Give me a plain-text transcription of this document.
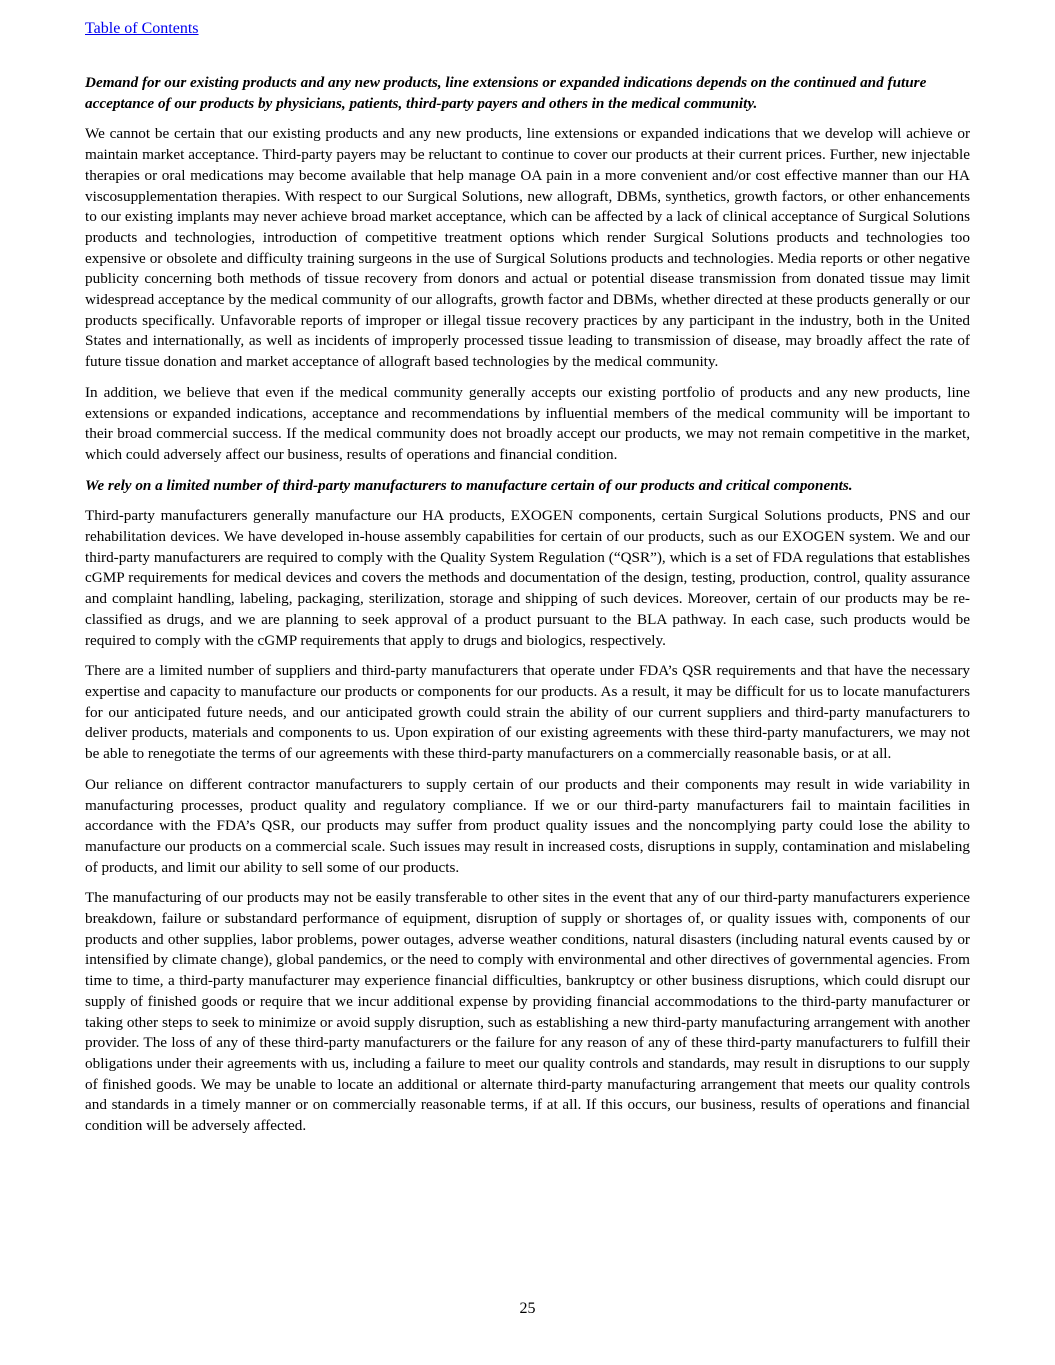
Table of Contents

Demand for our existing products and any new products, line extensions or expanded indications depends on the continued and future acceptance of our products by physicians, patients, third-party payers and others in the medical community.

We cannot be certain that our existing products and any new products, line extensions or expanded indications that we develop will achieve or maintain market acceptance. Third-party payers may be reluctant to continue to cover our products at their current prices. Further, new injectable therapies or oral medications may become available that help manage OA pain in a more convenient and/or cost effective manner than our HA viscosupplementation therapies. With respect to our Surgical Solutions, new allograft, DBMs, synthetics, growth factors, or other enhancements to our existing implants may never achieve broad market acceptance, which can be affected by a lack of clinical acceptance of Surgical Solutions products and technologies, introduction of competitive treatment options which render Surgical Solutions products and technologies too expensive or obsolete and difficulty training surgeons in the use of Surgical Solutions products and technologies. Media reports or other negative publicity concerning both methods of tissue recovery from donors and actual or potential disease transmission from donated tissue may limit widespread acceptance by the medical community of our allografts, growth factor and DBMs, whether directed at these products generally or our products specifically. Unfavorable reports of improper or illegal tissue recovery practices by any participant in the industry, both in the United States and internationally, as well as incidents of improperly processed tissue leading to transmission of disease, may broadly affect the rate of future tissue donation and market acceptance of allograft based technologies by the medical community.

In addition, we believe that even if the medical community generally accepts our existing portfolio of products and any new products, line extensions or expanded indications, acceptance and recommendations by influential members of the medical community will be important to their broad commercial success. If the medical community does not broadly accept our products, we may not remain competitive in the market, which could adversely affect our business, results of operations and financial condition.

We rely on a limited number of third-party manufacturers to manufacture certain of our products and critical components.

Third-party manufacturers generally manufacture our HA products, EXOGEN components, certain Surgical Solutions products, PNS and our rehabilitation devices. We have developed in-house assembly capabilities for certain of our products, such as our EXOGEN system. We and our third-party manufacturers are required to comply with the Quality System Regulation (“QSR”), which is a set of FDA regulations that establishes cGMP requirements for medical devices and covers the methods and documentation of the design, testing, production, control, quality assurance and complaint handling, labeling, packaging, sterilization, storage and shipping of such devices. Moreover, certain of our products may be re-classified as drugs, and we are planning to seek approval of a product pursuant to the BLA pathway. In each case, such products would be required to comply with the cGMP requirements that apply to drugs and biologics, respectively.

There are a limited number of suppliers and third-party manufacturers that operate under FDA’s QSR requirements and that have the necessary expertise and capacity to manufacture our products or components for our products. As a result, it may be difficult for us to locate manufacturers for our anticipated future needs, and our anticipated growth could strain the ability of our current suppliers and third-party manufacturers to deliver products, materials and components to us. Upon expiration of our existing agreements with these third-party manufacturers, we may not be able to renegotiate the terms of our agreements with these third-party manufacturers on a commercially reasonable basis, or at all.

Our reliance on different contractor manufacturers to supply certain of our products and their components may result in wide variability in manufacturing processes, product quality and regulatory compliance. If we or our third-party manufacturers fail to maintain facilities in accordance with the FDA’s QSR, our products may suffer from product quality issues and the noncomplying party could lose the ability to manufacture our products on a commercial scale. Such issues may result in increased costs, disruptions in supply, contamination and mislabeling of products, and limit our ability to sell some of our products.

The manufacturing of our products may not be easily transferable to other sites in the event that any of our third-party manufacturers experience breakdown, failure or substandard performance of equipment, disruption of supply or shortages of, or quality issues with, components of our products and other supplies, labor problems, power outages, adverse weather conditions, natural disasters (including natural events caused by or intensified by climate change), global pandemics, or the need to comply with environmental and other directives of governmental agencies. From time to time, a third-party manufacturer may experience financial difficulties, bankruptcy or other business disruptions, which could disrupt our supply of finished goods or require that we incur additional expense by providing financial accommodations to the third-party manufacturer or taking other steps to seek to minimize or avoid supply disruption, such as establishing a new third-party manufacturing arrangement with another provider. The loss of any of these third-party manufacturers or the failure for any reason of any of these third-party manufacturers to fulfill their obligations under their agreements with us, including a failure to meet our quality controls and standards, may result in disruptions to our supply of finished goods. We may be unable to locate an additional or alternate third-party manufacturing arrangement that meets our quality controls and standards in a timely manner or on commercially reasonable terms, if at all. If this occurs, our business, results of operations and financial condition will be adversely affected.

25
